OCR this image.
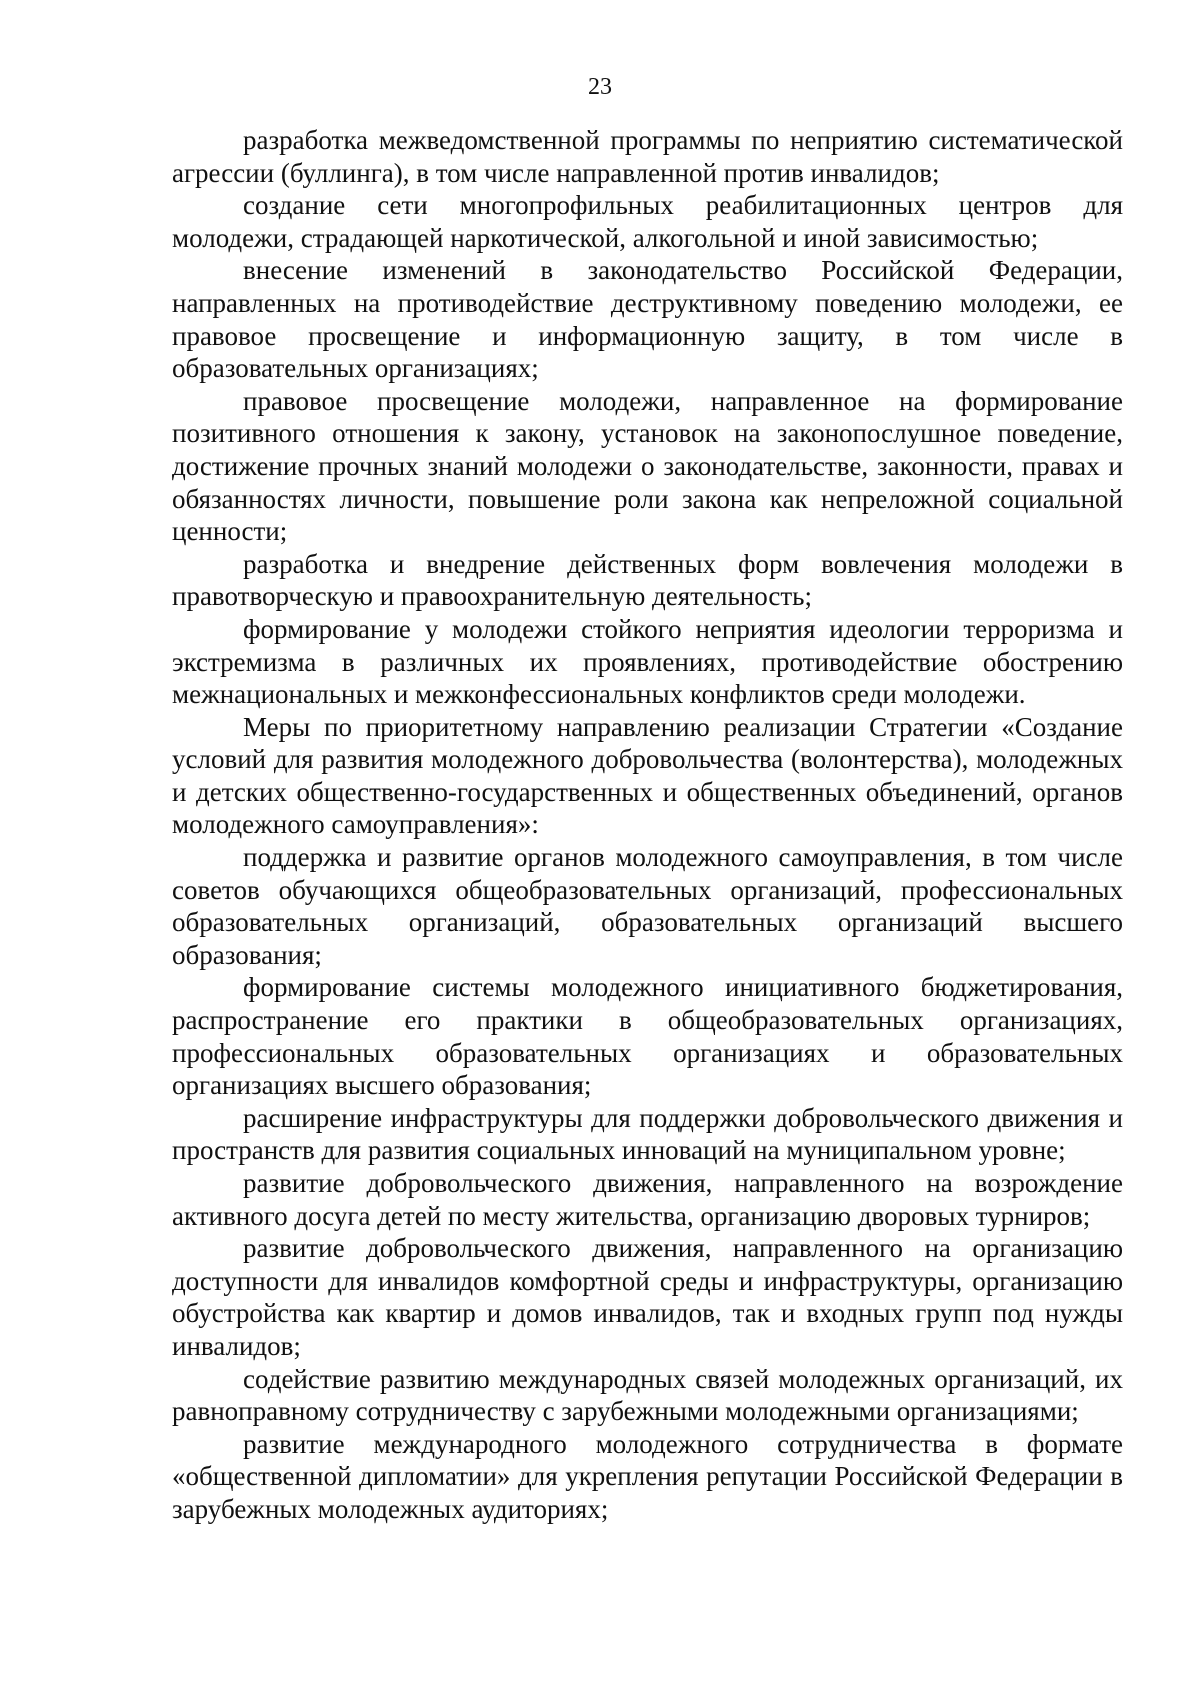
23

разработка межведомственной программы по неприятию систематической агрессии (буллинга), в том числе направленной против инвалидов;

создание сети многопрофильных реабилитационных центров для молодежи, страдающей наркотической, алкогольной и иной зависимостью;

внесение изменений в законодательство Российской Федерации, направленных на противодействие деструктивному поведению молодежи, ее правовое просвещение и информационную защиту, в том числе в образовательных организациях;

правовое просвещение молодежи, направленное на формирование позитивного отношения к закону, установок на законопослушное поведение, достижение прочных знаний молодежи о законодательстве, законности, правах и обязанностях личности, повышение роли закона как непреложной социальной ценности;

разработка и внедрение действенных форм вовлечения молодежи в правотворческую и правоохранительную деятельность;

формирование у молодежи стойкого неприятия идеологии терроризма и экстремизма в различных их проявлениях, противодействие обострению межнациональных и межконфессиональных конфликтов среди молодежи.

Меры по приоритетному направлению реализации Стратегии «Создание условий для развития молодежного добровольчества (волонтерства), молодежных и детских общественно-государственных и общественных объединений, органов молодежного самоуправления»:

поддержка и развитие органов молодежного самоуправления, в том числе советов обучающихся общеобразовательных организаций, профессиональных образовательных организаций, образовательных организаций высшего образования;

формирование системы молодежного инициативного бюджетирования, распространение его практики в общеобразовательных организациях, профессиональных образовательных организациях и образовательных организациях высшего образования;

расширение инфраструктуры для поддержки добровольческого движения и пространств для развития социальных инноваций на муниципальном уровне;

развитие добровольческого движения, направленного на возрождение активного досуга детей по месту жительства, организацию дворовых турниров;

развитие добровольческого движения, направленного на организацию доступности для инвалидов комфортной среды и инфраструктуры, организацию обустройства как квартир и домов инвалидов, так и входных групп под нужды инвалидов;

содействие развитию международных связей молодежных организаций, их равноправному сотрудничеству с зарубежными молодежными организациями;

развитие международного молодежного сотрудничества в формате «общественной дипломатии» для укрепления репутации Российской Федерации в зарубежных молодежных аудиториях;
